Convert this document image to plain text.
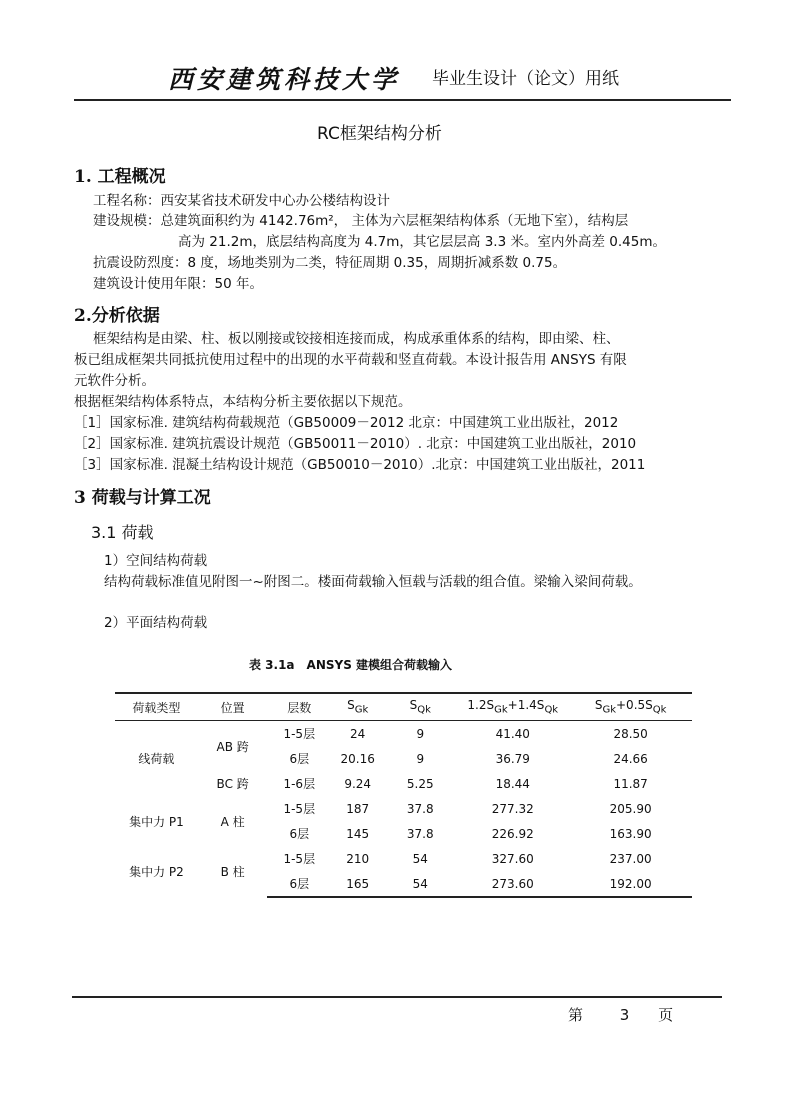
西安建筑科技大学 毕业生设计（论文）用纸
RC框架结构分析
1. 工程概况
工程名称：西安某省技术研发中心办公楼结构设计
建设规模：总建筑面积约为 4142.76m²， 主体为六层框架结构体系（无地下室），结构层
高为 21.2m，底层结构高度为 4.7m，其它层层高 3.3 米。室内外高差 0.45m。
抗震设防烈度：8 度，场地类别为二类，特征周期 0.35，周期折减系数 0.75。
建筑设计使用年限：50 年。
2.分析依据
框架结构是由梁、柱、板以刚接或铰接相连接而成，构成承重体系的结构，即由梁、柱、
板已组成框架共同抵抗使用过程中的出现的水平荷载和竖直荷载。本设计报告用 ANSYS 有限
元软件分析。
根据框架结构体系特点，本结构分析主要依据以下规范。
［1］国家标准. 建筑结构荷载规范（GB50009－2012 北京：中国建筑工业出版社，2012
［2］国家标准. 建筑抗震设计规范（GB50011－2010）. 北京：中国建筑工业出版社，2010
［3］国家标准. 混凝土结构设计规范（GB50010－2010）.北京：中国建筑工业出版社，2011
3 荷载与计算工况
3.1 荷载
1）空间结构荷载
结构荷载标准值见附图一~附图二。楼面荷载输入恒载与活载的组合值。梁输入梁间荷载。
2）平面结构荷载
表 3.1a　ANSYS 建模组合荷载输入
荷载类型	位置	层数	$S_{Gk}$	$S_{Qk}$	$1.2S_{Gk}+1.4S_{Qk}$	$S_{Gk}+0.5S_{Qk}$
线荷载	AB 跨	1-5层	24	9	41.40	28.50
		6层	20.16	9	36.79	24.66
	BC 跨	1-6层	9.24	5.25	18.44	11.87
集中力 P1	A 柱	1-5层	187	37.8	277.32	205.90
		6层	145	37.8	226.92	163.90
集中力 P2	B 柱	1-5层	210	54	327.60	237.00
		6层	165	54	273.60	192.00
第 3 页
